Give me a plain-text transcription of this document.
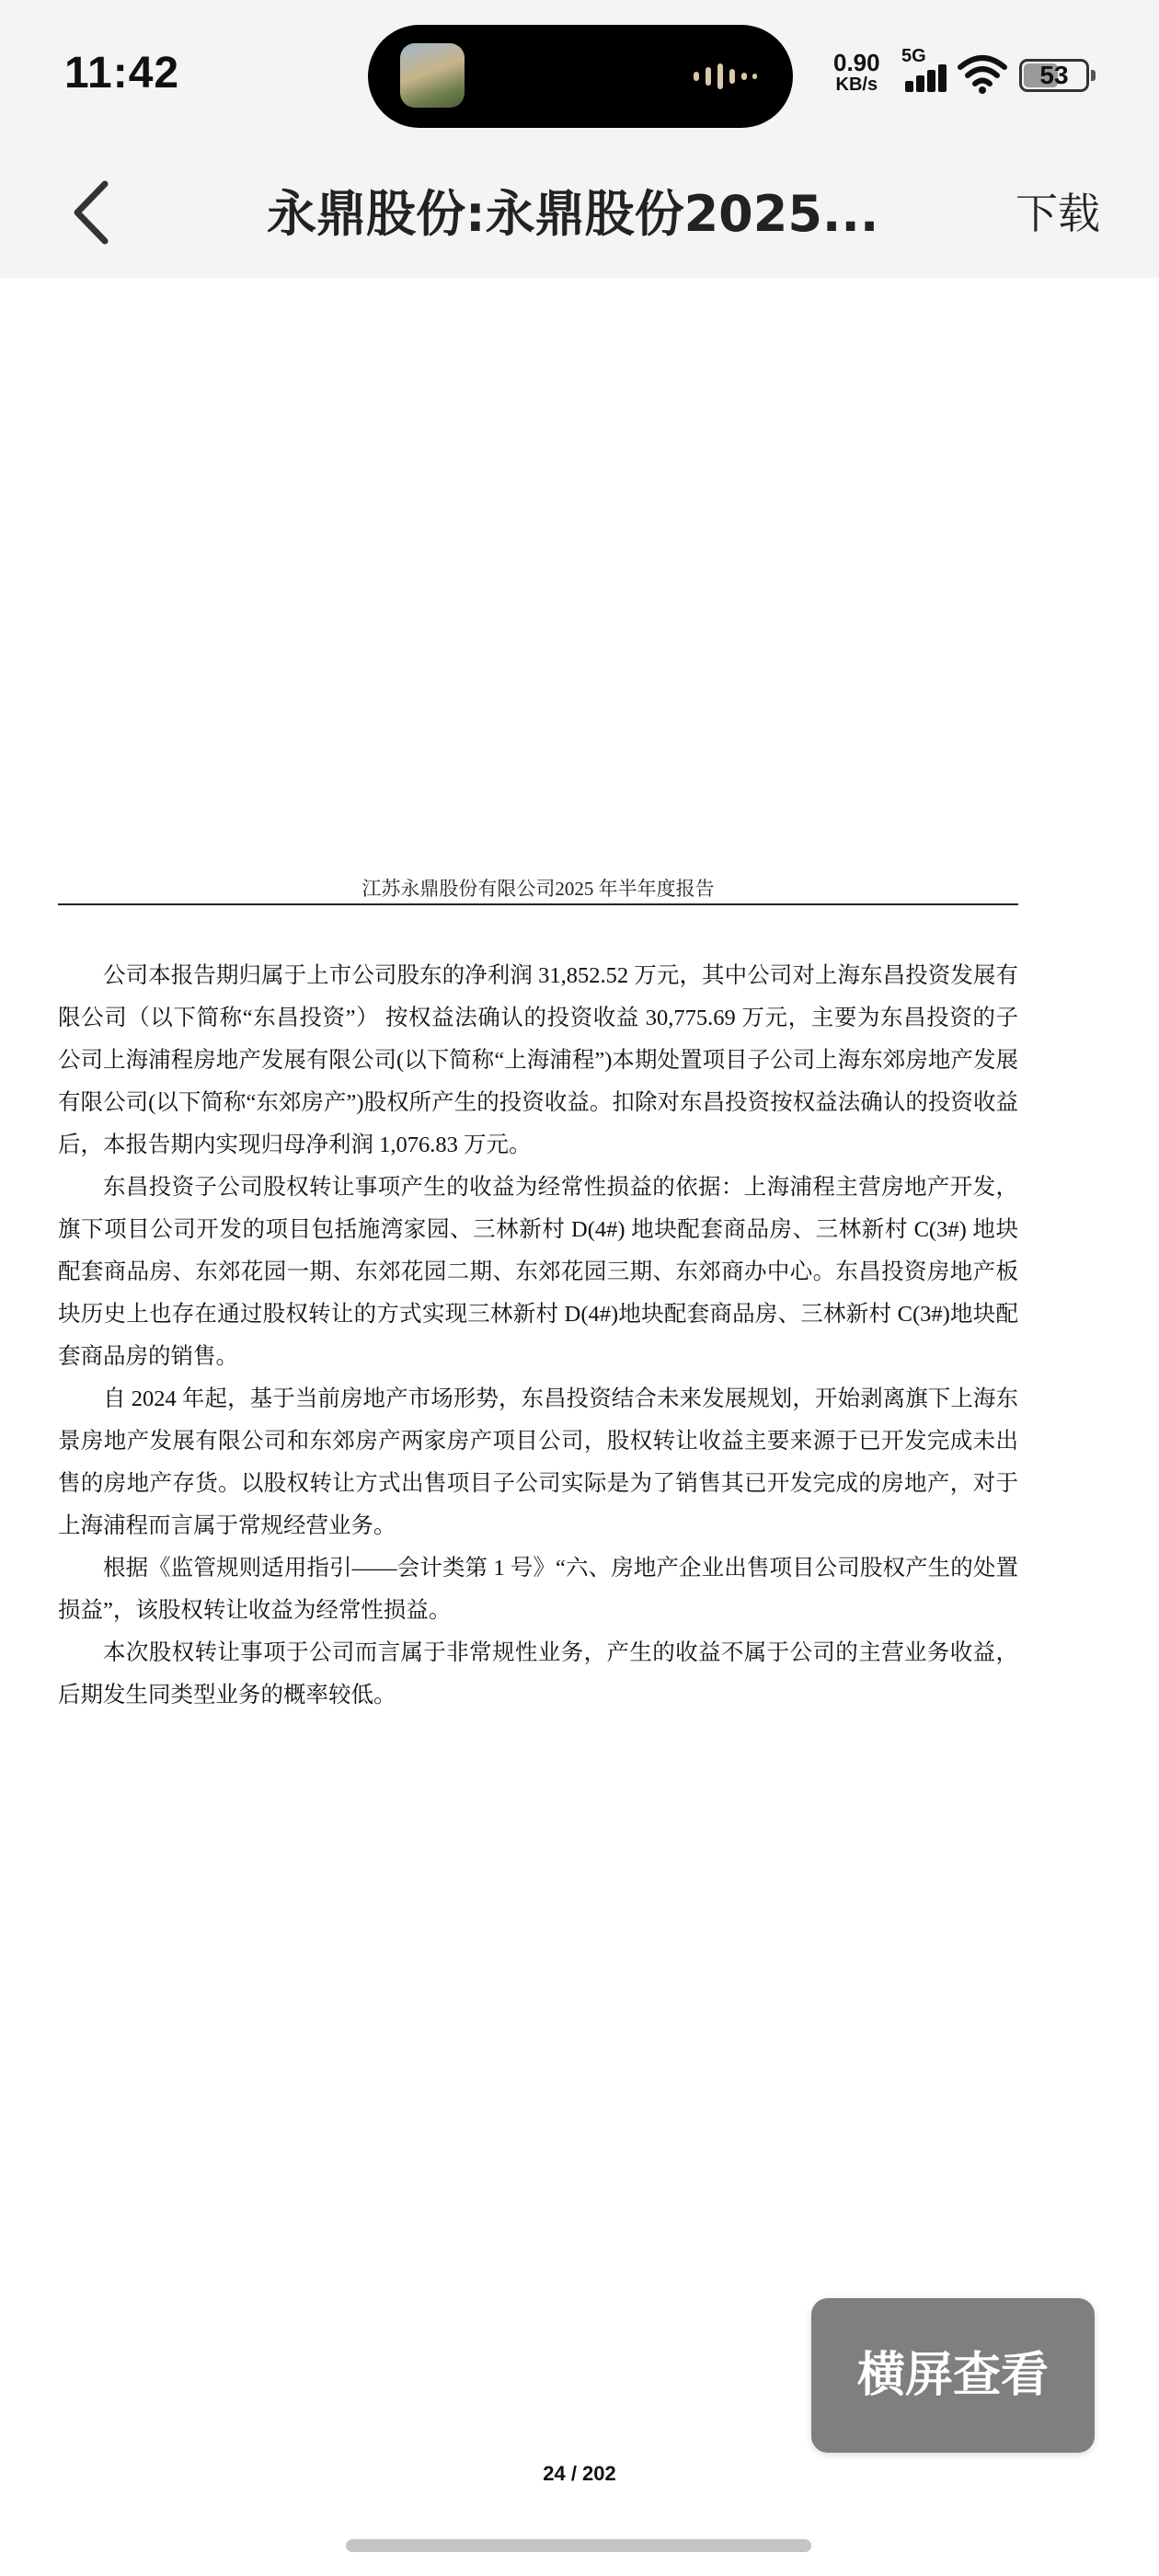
11:42	0.90
KB/s
5G
53
永鼎股份:永鼎股份2025...	下载
江苏永鼎股份有限公司2025 年半年度报告

公司本报告期归属于上市公司股东的净利润 31,852.52 万元，其中公司对上海东昌投资发展有限公司（以下简称“东昌投资”） 按权益法确认的投资收益 30,775.69 万元，主要为东昌投资的子公司上海浦程房地产发展有限公司(以下简称“上海浦程”)本期处置项目子公司上海东郊房地产发展有限公司(以下简称“东郊房产”)股权所产生的投资收益。扣除对东昌投资按权益法确认的投资收益后，本报告期内实现归母净利润 1,076.83 万元。

东昌投资子公司股权转让事项产生的收益为经常性损益的依据：上海浦程主营房地产开发，旗下项目公司开发的项目包括施湾家园、三林新村 D(4#) 地块配套商品房、三林新村 C(3#) 地块配套商品房、东郊花园一期、东郊花园二期、东郊花园三期、东郊商办中心。东昌投资房地产板块历史上也存在通过股权转让的方式实现三林新村 D(4#)地块配套商品房、三林新村 C(3#)地块配套商品房的销售。

自 2024 年起，基于当前房地产市场形势，东昌投资结合未来发展规划，开始剥离旗下上海东景房地产发展有限公司和东郊房产两家房产项目公司，股权转让收益主要来源于已开发完成未出售的房地产存货。以股权转让方式出售项目子公司实际是为了销售其已开发完成的房地产，对于上海浦程而言属于常规经营业务。

根据《监管规则适用指引——会计类第 1 号》“六、房地产企业出售项目公司股权产生的处置损益”，该股权转让收益为经常性损益。

本次股权转让事项于公司而言属于非常规性业务，产生的收益不属于公司的主营业务收益，后期发生同类型业务的概率较低。

横屏查看
24 / 202
